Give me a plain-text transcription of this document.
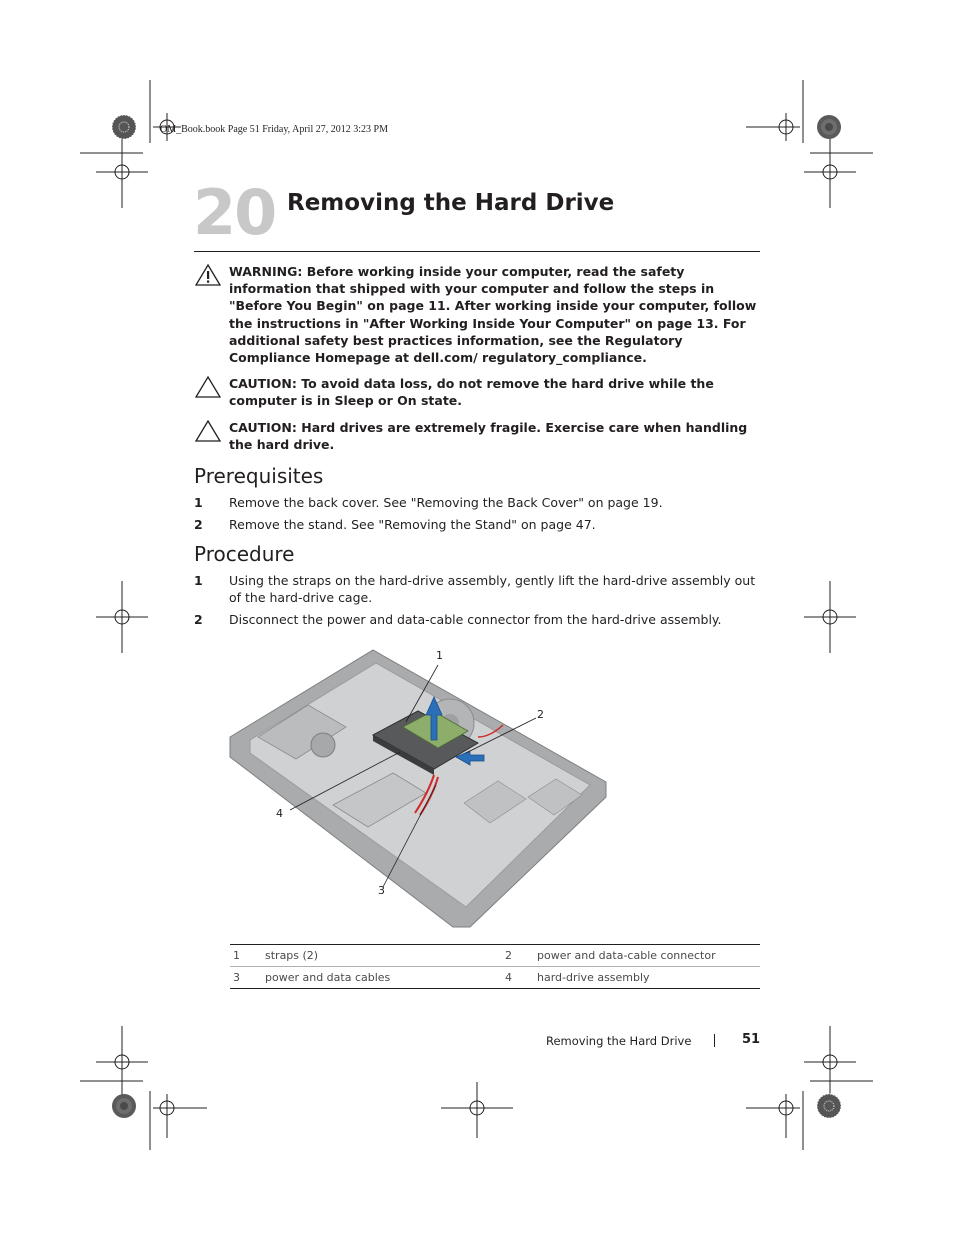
OM_Book.book Page 51 Friday, April 27, 2012 3:23 PM
20 Removing the Hard Drive
WARNING: Before working inside your computer, read the safety information that shipped with your computer and follow the steps in "Before You Begin" on page 11. After working inside your computer, follow the instructions in "After Working Inside Your Computer" on page 13. For additional safety best practices information, see the Regulatory Compliance Homepage at dell.com/ regulatory_compliance.
CAUTION: To avoid data loss, do not remove the hard drive while the computer is in Sleep or On state.
CAUTION: Hard drives are extremely fragile. Exercise care when handling the hard drive.
Prerequisites
1	Remove the back cover. See "Removing the Back Cover" on page 19.
2	Remove the stand. See "Removing the Stand" on page 47.
Procedure
1	Using the straps on the hard-drive assembly, gently lift the hard-drive assembly out of the hard-drive cage.
2	Disconnect the power and data-cable connector from the hard-drive assembly.
1
2
3
4
1	straps (2)	2	power and data-cable connector
3	power and data cables	4	hard-drive assembly
Removing the Hard Drive	51
